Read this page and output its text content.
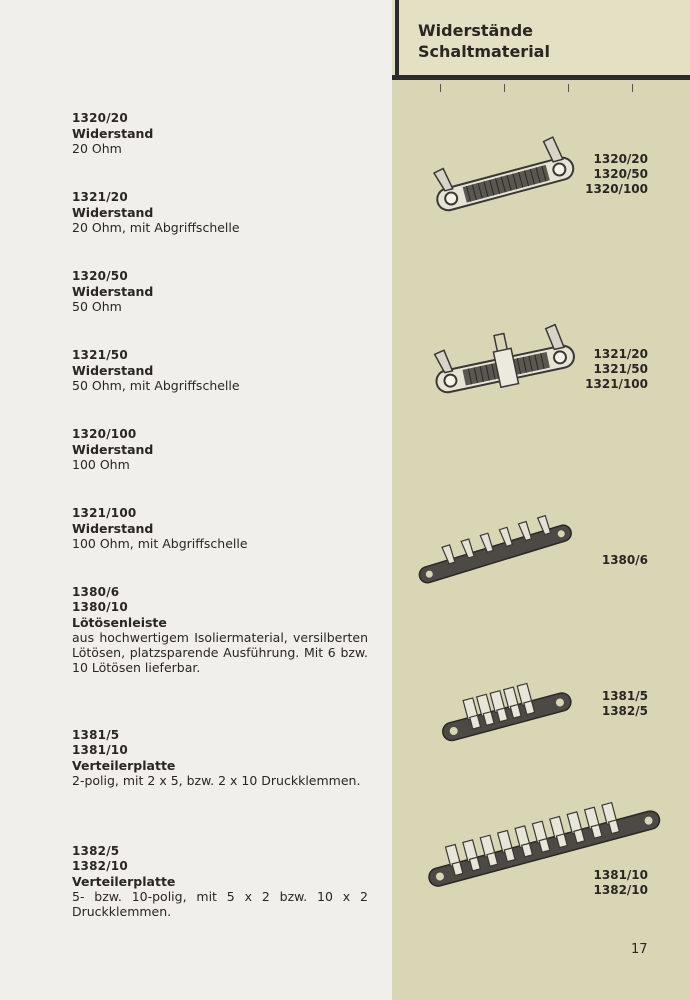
Widerstände
Schaltmaterial
1320/20
Widerstand
20 Ohm
1321/20
Widerstand
20 Ohm, mit Abgriffschelle
1320/50
Widerstand
50 Ohm
1321/50
Widerstand
50 Ohm, mit Abgriffschelle
1320/100
Widerstand
100 Ohm
1321/100
Widerstand
100 Ohm, mit Abgriffschelle
1380/6
1380/10
Lötösenleiste
aus hochwertigem Isoliermaterial, versilberten Lötösen, platzsparende Ausführung. Mit 6 bzw. 10 Lötösen lieferbar.
1381/5
1381/10
Verteilerplatte
2-polig, mit 2 x 5, bzw. 2 x 10 Druckklemmen.
1382/5
1382/10
Verteilerplatte
5- bzw. 10-polig, mit 5 x 2 bzw. 10 x 2 Druckklemmen.
1320/20
1320/50
1320/100
1321/20
1321/50
1321/100
1380/6
1381/5
1382/5
1381/10
1382/10
17
